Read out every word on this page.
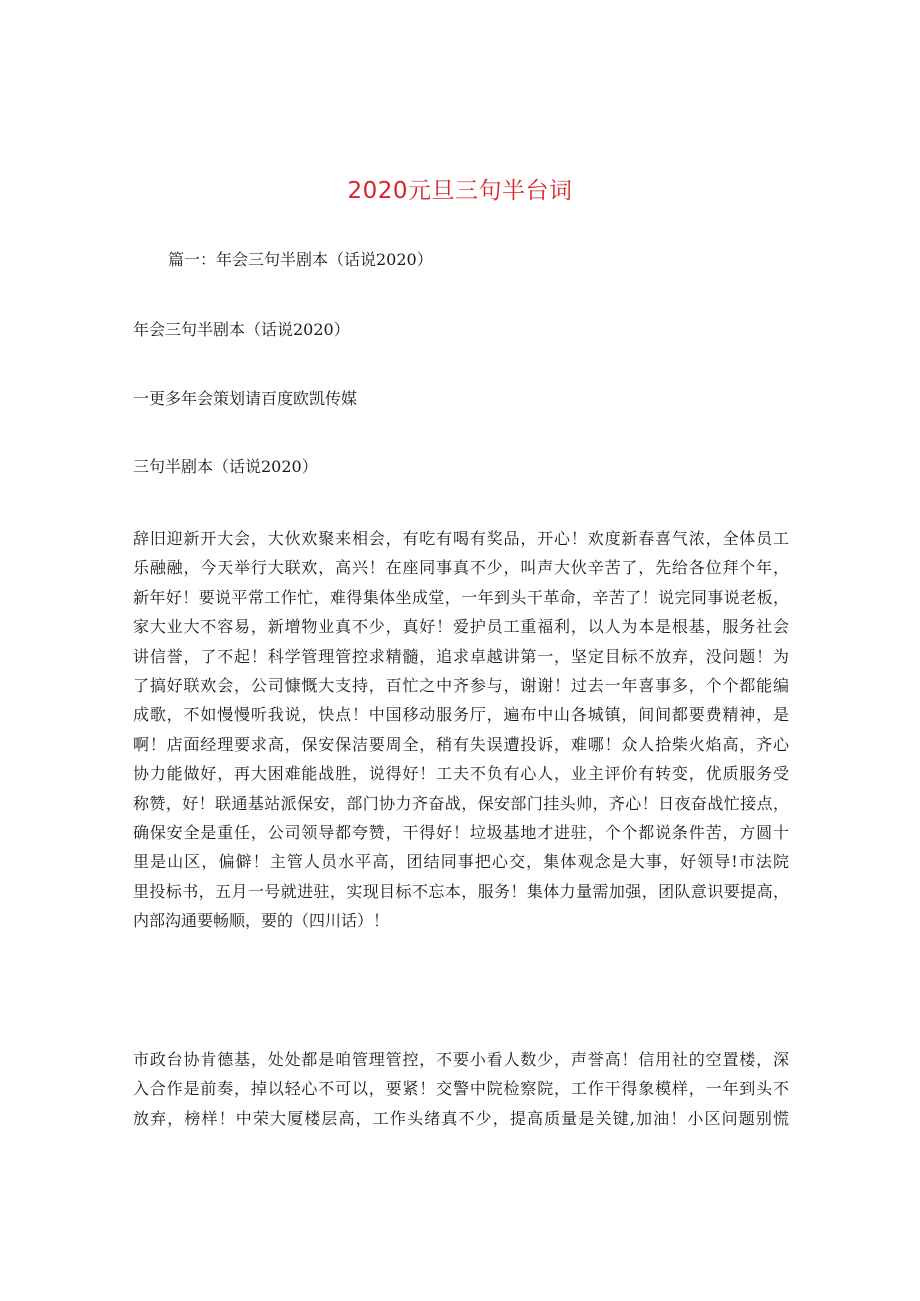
2020元旦三句半台词

篇一：年会三句半剧本（话说2020）

年会三句半剧本（话说2020）

一更多年会策划请百度欧凯传媒

三句半剧本（话说2020）

辞旧迎新开大会，大伙欢聚来相会，有吃有喝有奖品，开心！欢度新春喜气浓，全体员工
乐融融，今天举行大联欢，高兴！在座同事真不少，叫声大伙辛苦了，先给各位拜个年，
新年好！要说平常工作忙，难得集体坐成堂，一年到头干革命，辛苦了！说完同事说老板，
家大业大不容易，新增物业真不少，真好！爱护员工重福利，以人为本是根基，服务社会
讲信誉，了不起！科学管理管控求精髓，追求卓越讲第一，坚定目标不放弃，没问题！为
了搞好联欢会，公司慷慨大支持，百忙之中齐参与，谢谢！过去一年喜事多，个个都能编
成歌，不如慢慢听我说，快点！中国移动服务厅，遍布中山各城镇，间间都要费精神，是
啊！店面经理要求高，保安保洁要周全，稍有失误遭投诉，难哪！众人拾柴火焰高，齐心
协力能做好，再大困难能战胜，说得好！工夫不负有心人，业主评价有转变，优质服务受
称赞，好！联通基站派保安，部门协力齐奋战，保安部门挂头帅，齐心！日夜奋战忙接点，
确保安全是重任，公司领导都夸赞，干得好！垃圾基地才进驻，个个都说条件苦，方圆十
里是山区，偏僻！主管人员水平高，团结同事把心交，集体观念是大事，好领导!市法院
里投标书，五月一号就进驻，实现目标不忘本，服务！集体力量需加强，团队意识要提高，
内部沟通要畅顺，要的（四川话）！
市政台协肯德基，处处都是咱管理管控，不要小看人数少，声誉高！信用社的空置楼，深
入合作是前奏，掉以轻心不可以，要紧！交警中院检察院，工作干得象模样，一年到头不
放弃，榜样！中荣大厦楼层高，工作头绪真不少，提高质量是关键,加油！小区问题别慌
